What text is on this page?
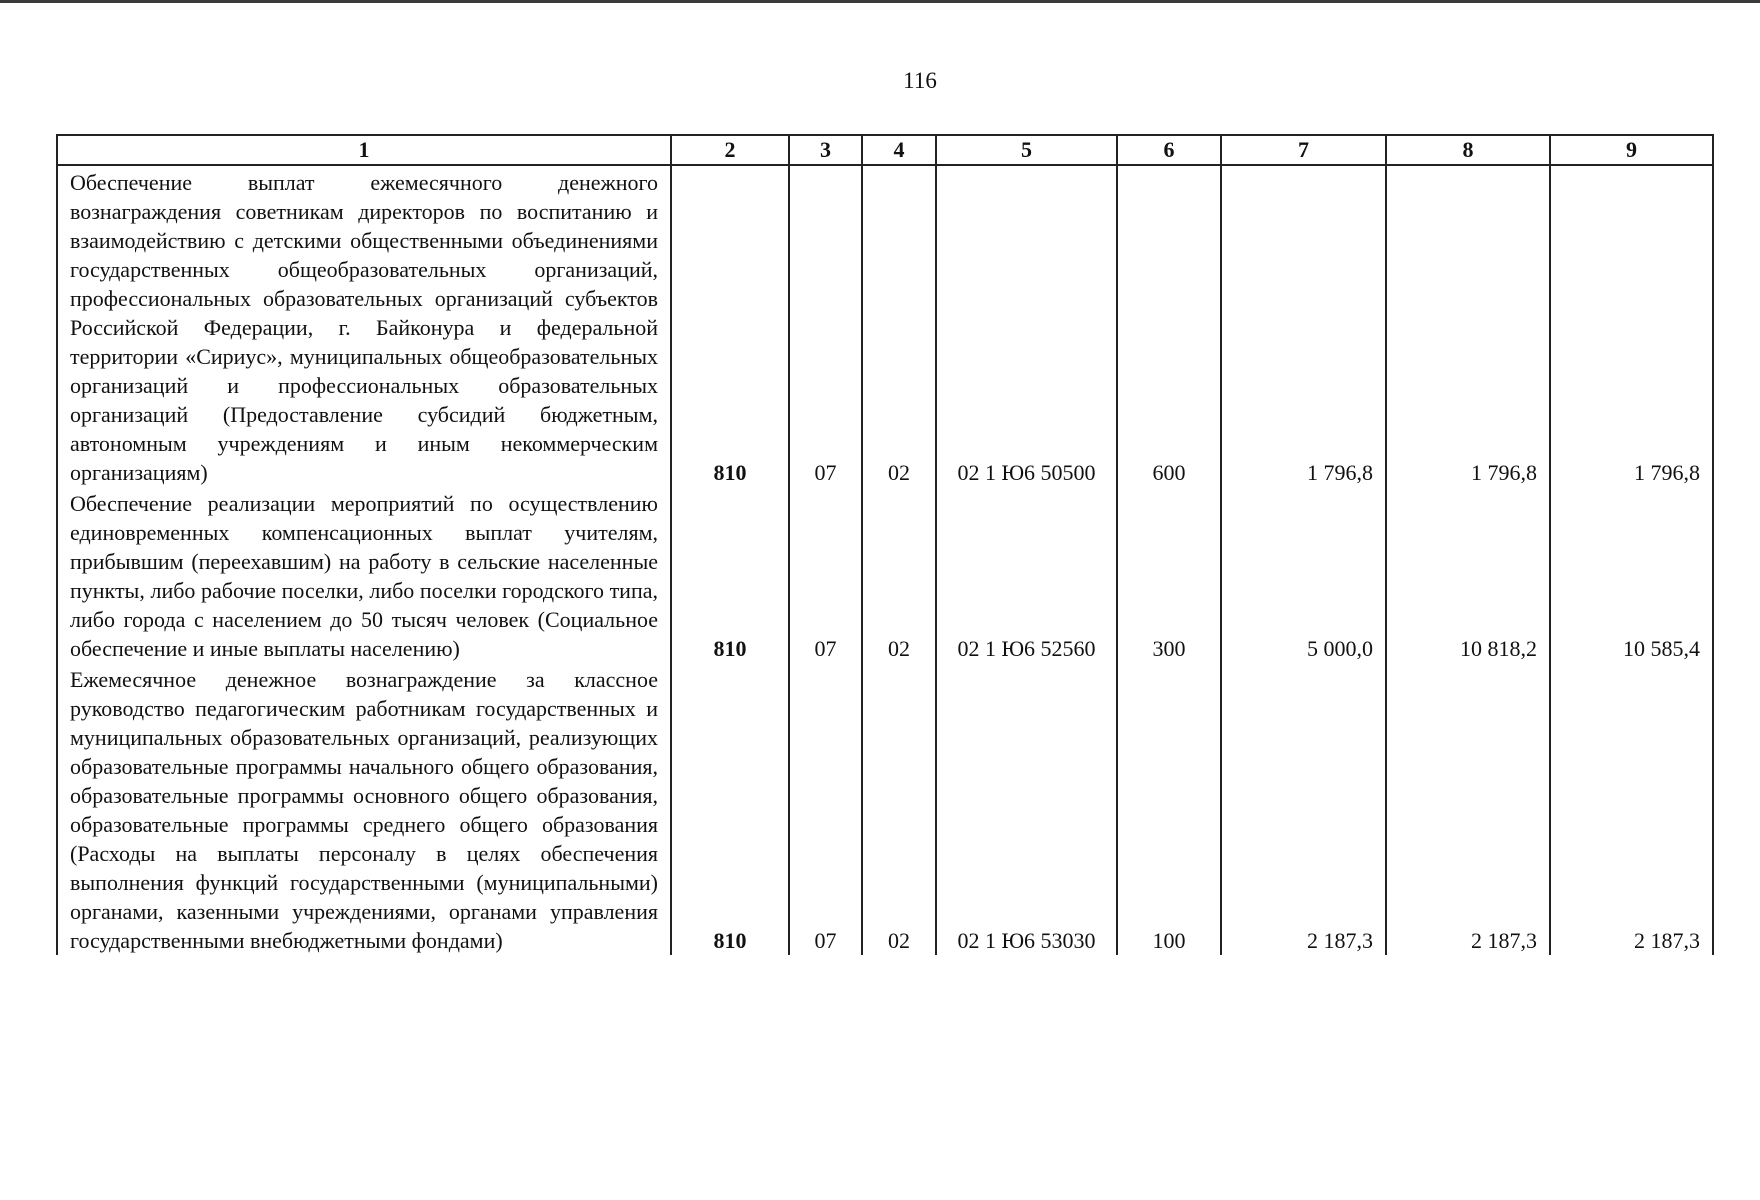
116
1	2	3	4	5	6	7	8	9
Обеспечение выплат ежемесячного денежного вознаграждения советникам директоров по воспитанию и взаимодействию с детскими общественными объединениями государственных общеобразовательных организаций, профессиональных образовательных организаций субъектов Российской Федерации, г. Байконура и федеральной территории «Сириус», муниципальных общеобразовательных организаций и профессиональных образовательных организаций (Предоставление субсидий бюджетным, автономным учреждениям и иным некоммерческим организациям)	810	07	02	02 1 Ю6 50500	600	1 796,8	1 796,8	1 796,8
Обеспечение реализации мероприятий по осуществлению единовременных компенсационных выплат учителям, прибывшим (переехавшим) на работу в сельские населенные пункты, либо рабочие поселки, либо поселки городского типа, либо города с населением до 50 тысяч человек (Социальное обеспечение и иные выплаты населению)	810	07	02	02 1 Ю6 52560	300	5 000,0	10 818,2	10 585,4
Ежемесячное денежное вознаграждение за классное руководство педагогическим работникам государственных и муниципальных образовательных организаций, реализующих образовательные программы начального общего образования, образовательные программы основного общего образования, образовательные программы среднего общего образования (Расходы на выплаты персоналу в целях обеспечения выполнения функций государственными (муниципальными) органами, казенными учреждениями, органами управления государственными внебюджетными фондами)	810	07	02	02 1 Ю6 53030	100	2 187,3	2 187,3	2 187,3
